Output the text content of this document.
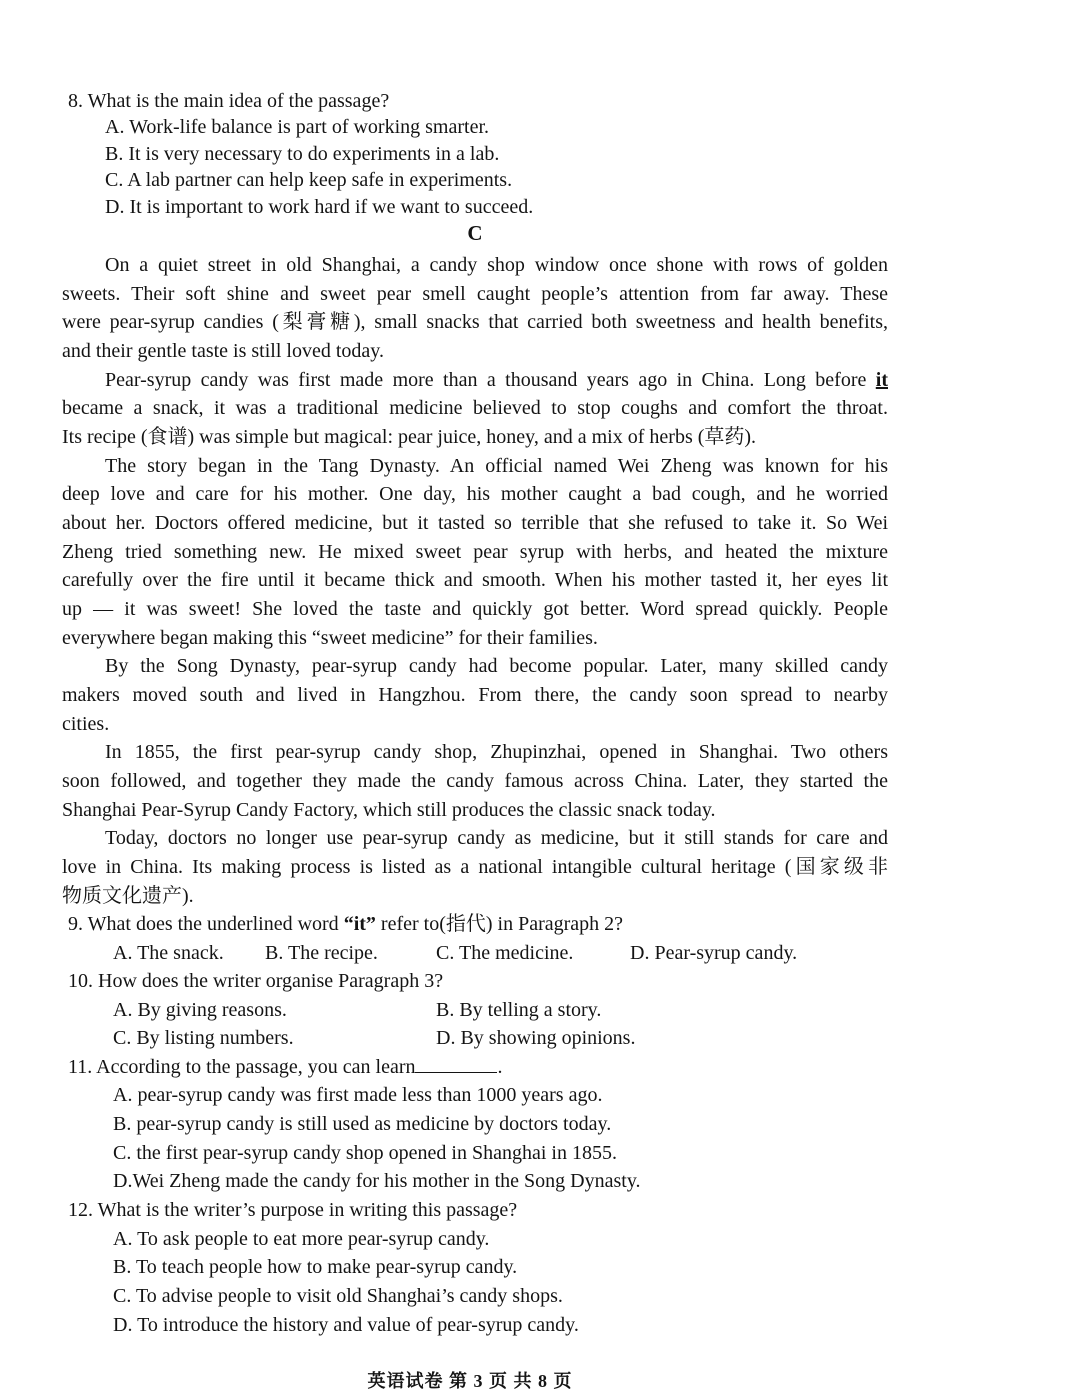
8. What is the main idea of the passage?
A. Work-life balance is part of working smarter.
B. It is very necessary to do experiments in a lab.
C. A lab partner can help keep safe in experiments.
D. It is important to work hard if we want to succeed.
C
On a quiet street in old Shanghai, a candy shop window once shone with rows of golden
sweets. Their soft shine and sweet pear smell caught people’s attention from far away. These
were pear-syrup candies (梨膏糖), small snacks that carried both sweetness and health benefits,
and their gentle taste is still loved today.
Pear-syrup candy was first made more than a thousand years ago in China. Long before it
became a snack, it was a traditional medicine believed to stop coughs and comfort the throat.
Its recipe (食谱) was simple but magical: pear juice, honey, and a mix of herbs (草药).
The story began in the Tang Dynasty. An official named Wei Zheng was known for his
deep love and care for his mother. One day, his mother caught a bad cough, and he worried
about her. Doctors offered medicine, but it tasted so terrible that she refused to take it. So Wei
Zheng tried something new. He mixed sweet pear syrup with herbs, and heated the mixture
carefully over the fire until it became thick and smooth. When his mother tasted it, her eyes lit
up — it was sweet! She loved the taste and quickly got better. Word spread quickly. People
everywhere began making this “sweet medicine” for their families.
By the Song Dynasty, pear-syrup candy had become popular. Later, many skilled candy
makers moved south and lived in Hangzhou. From there, the candy soon spread to nearby
cities.
In 1855, the first pear-syrup candy shop, Zhupinzhai, opened in Shanghai. Two others
soon followed, and together they made the candy famous across China. Later, they started the
Shanghai Pear-Syrup Candy Factory, which still produces the classic snack today.
Today, doctors no longer use pear-syrup candy as medicine, but it still stands for care and
love in China. Its making process is listed as a national intangible cultural heritage (国家级非
物质文化遗产).
9. What does the underlined word “it” refer to(指代) in Paragraph 2?
A. The snack. B. The recipe.	C. The medicine.	D. Pear-syrup candy.
10. How does the writer organise Paragraph 3?
A. By giving reasons.	B. By telling a story.
C. By listing numbers.	D. By showing opinions.
11. According to the passage, you can learn	.
A. pear-syrup candy was first made less than 1000 years ago.
B. pear-syrup candy is still used as medicine by doctors today.
C. the first pear-syrup candy shop opened in Shanghai in 1855.
D.Wei Zheng made the candy for his mother in the Song Dynasty.
12. What is the writer’s purpose in writing this passage?
A. To ask people to eat more pear-syrup candy.
B. To teach people how to make pear-syrup candy.
C. To advise people to visit old Shanghai’s candy shops.
D. To introduce the history and value of pear-syrup candy.
英语试卷 第 3 页 共 8 页
